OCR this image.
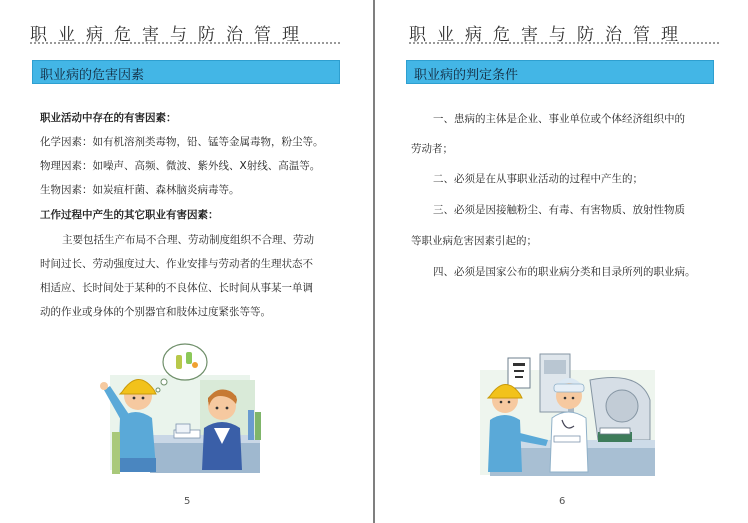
职业病危害与防治管理
职业病的危害因素
职业活动中存在的有害因素：
化学因素：如有机溶剂类毒物，铅、锰等金属毒物，粉尘等。
物理因素：如噪声、高频、微波、紫外线、X射线、高温等。
生物因素：如炭疽杆菌、森林脑炎病毒等。
工作过程中产生的其它职业有害因素：
主要包括生产布局不合理、劳动制度组织不合理、劳动
时间过长、劳动强度过大、作业安排与劳动者的生理状态不
相适应、长时间处于某种的不良体位、长时间从事某一单调
动的作业或身体的个别器官和肢体过度紧张等等。
5
职业病危害与防治管理
职业病的判定条件
一、患病的主体是企业、事业单位或个体经济组织中的
劳动者；
二、必须是在从事职业活动的过程中产生的；
三、必须是因接触粉尘、有毒、有害物质、放射性物质
等职业病危害因素引起的；
四、必须是国家公布的职业病分类和目录所列的职业病。
6
